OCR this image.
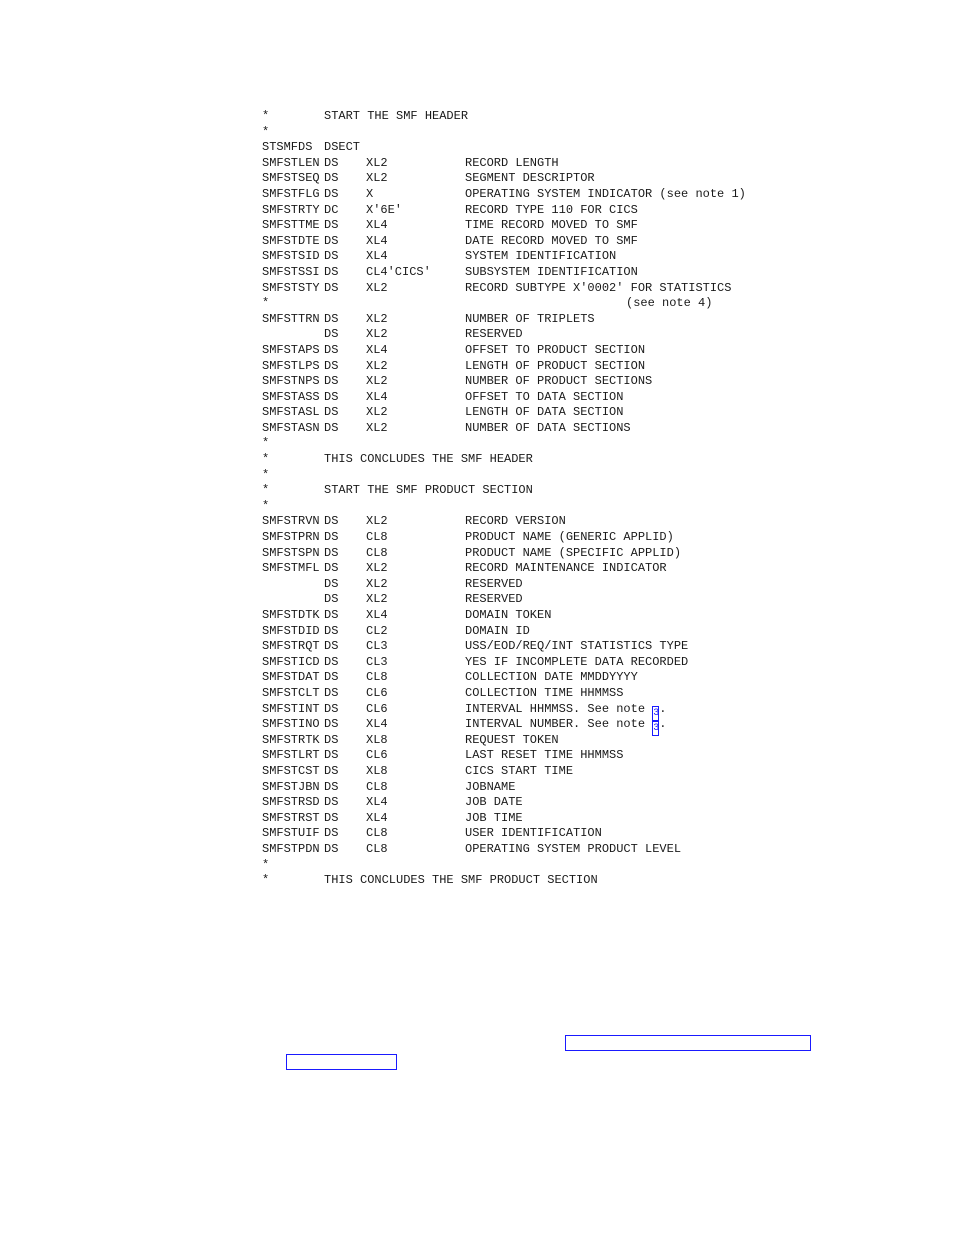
*	START THE SMF HEADER
*
STSMFDS DSECT
SMFSTLEN DS XL2	RECORD LENGTH
SMFSTSEQ DS XL2	SEGMENT DESCRIPTOR
SMFSTFLG DS X	OPERATING SYSTEM INDICATOR (see note 1)
SMFSTRTY DC X'6E'	RECORD TYPE 110 FOR CICS
SMFSTTME DS XL4	TIME RECORD MOVED TO SMF
SMFSTDTE DS XL4	DATE RECORD MOVED TO SMF
SMFSTSID DS XL4	SYSTEM IDENTIFICATION
SMFSTSSI DS CL4'CICS'	SUBSYSTEM IDENTIFICATION
SMFSTSTY DS XL2	RECORD SUBTYPE X'0002' FOR STATISTICS
*	(see note 4)
SMFSTTRN DS XL2	NUMBER OF TRIPLETS
DS XL2	RESERVED
SMFSTAPS DS XL4	OFFSET TO PRODUCT SECTION
SMFSTLPS DS XL2	LENGTH OF PRODUCT SECTION
SMFSTNPS DS XL2	NUMBER OF PRODUCT SECTIONS
SMFSTASS DS XL4	OFFSET TO DATA SECTION
SMFSTASL DS XL2	LENGTH OF DATA SECTION
SMFSTASN DS XL2	NUMBER OF DATA SECTIONS
*
*	THIS CONCLUDES THE SMF HEADER
*
*	START THE SMF PRODUCT SECTION
*
SMFSTRVN DS XL2	RECORD VERSION
SMFSTPRN DS CL8	PRODUCT NAME (GENERIC APPLID)
SMFSTSPN DS CL8	PRODUCT NAME (SPECIFIC APPLID)
SMFSTMFL DS XL2	RECORD MAINTENANCE INDICATOR
DS XL2	RESERVED
DS XL2	RESERVED
SMFSTDTK DS XL4	DOMAIN TOKEN
SMFSTDID DS CL2	DOMAIN ID
SMFSTRQT DS CL3	USS/EOD/REQ/INT STATISTICS TYPE
SMFSTICD DS CL3	YES IF INCOMPLETE DATA RECORDED
SMFSTDAT DS CL8	COLLECTION DATE MMDDYYYY
SMFSTCLT DS CL6	COLLECTION TIME HHMMSS
SMFSTINT DS CL6	INTERVAL HHMMSS. See note 3.
SMFSTINO DS XL4	INTERVAL NUMBER. See note 3.
SMFSTRTK DS XL8	REQUEST TOKEN
SMFSTLRT DS CL6	LAST RESET TIME HHMMSS
SMFSTCST DS XL8	CICS START TIME
SMFSTJBN DS CL8	JOBNAME
SMFSTRSD DS XL4	JOB DATE
SMFSTRST DS XL4	JOB TIME
SMFSTUIF DS CL8	USER IDENTIFICATION
SMFSTPDN DS CL8	OPERATING SYSTEM PRODUCT LEVEL
*
*	THIS CONCLUDES THE SMF PRODUCT SECTION
